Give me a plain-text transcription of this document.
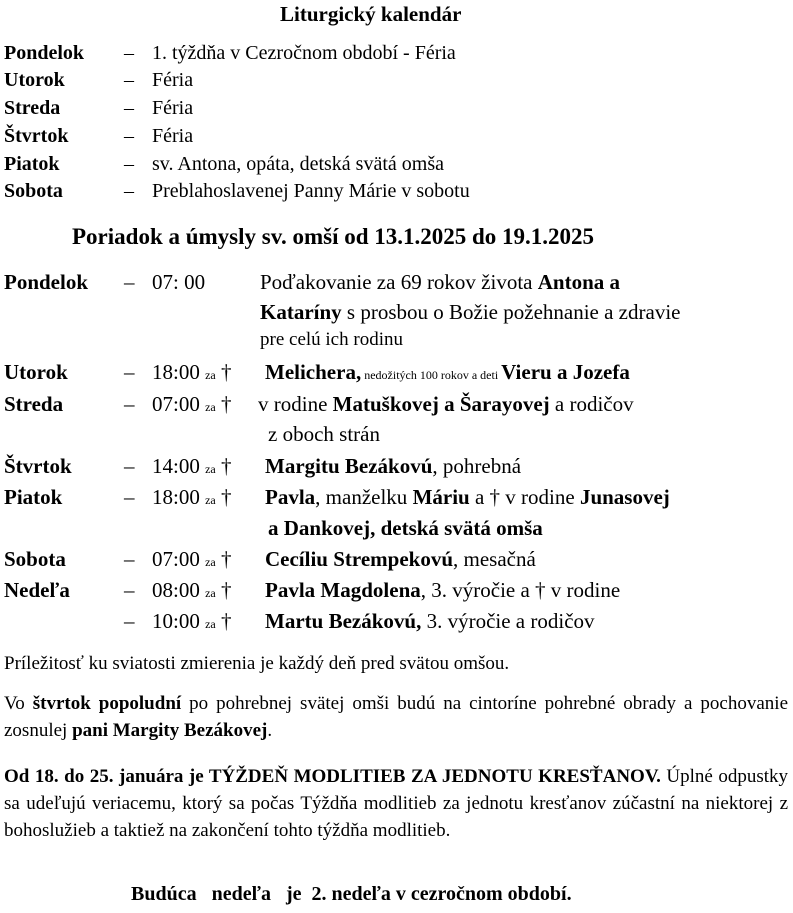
Liturgický kalendár
Pondelok – 1. týždňa v Cezročnom období - Féria
Utorok	– Féria
Streda	– Féria
Štvrtok	– Féria
Piatok	– sv. Antona, opáta, detská svätá omša
Sobota	– Preblahoslavenej Panny Márie v sobotu
Poriadok a úmysly sv. omší od 13.1.2025 do 19.1.2025
Pondelok – 07: 00	Poďakovanie za 69 rokov života Antona a
Kataríny s prosbou o Božie požehnanie a zdravie
pre celú ich rodinu
Utorok	– 18:00 za † Melichera, nedožitých 100 rokov a deti Vieru a Jozefa
Streda	– 07:00 za † v rodine Matuškovej a Šarayovej a rodičov
z oboch strán
Štvrtok – 14:00 za † Margitu Bezákovú, pohrebná
Piatok	– 18:00 za † Pavla, manželku Máriu a † v rodine Junasovej
a Dankovej, detská svätá omša
Sobota	– 07:00 za † Cecíliu Strempekovú, mesačná
Nedeľa	– 08:00 za † Pavla Magdolena, 3. výročie a † v rodine
– 10:00 za † Martu Bezákovú, 3. výročie a rodičov
Príležitosť ku sviatosti zmierenia je každý deň pred svätou omšou.
Vo štvrtok popoludní po pohrebnej svätej omši budú na cintoríne pohrebné obrady a pochovanie zosnulej pani Margity Bezákovej.
Od 18. do 25. januára je TÝŽDEŇ MODLITIEB ZA JEDNOTU KRESŤANOV. Úplné odpustky sa udeľujú veriacemu, ktorý sa počas Týždňa modlitieb za jednotu kresťanov zúčastní na niektorej z bohoslužieb a taktiež na zakončení tohto týždňa modlitieb.
Budúca   nedeľa   je  2. nedeľa v cezročnom období.
